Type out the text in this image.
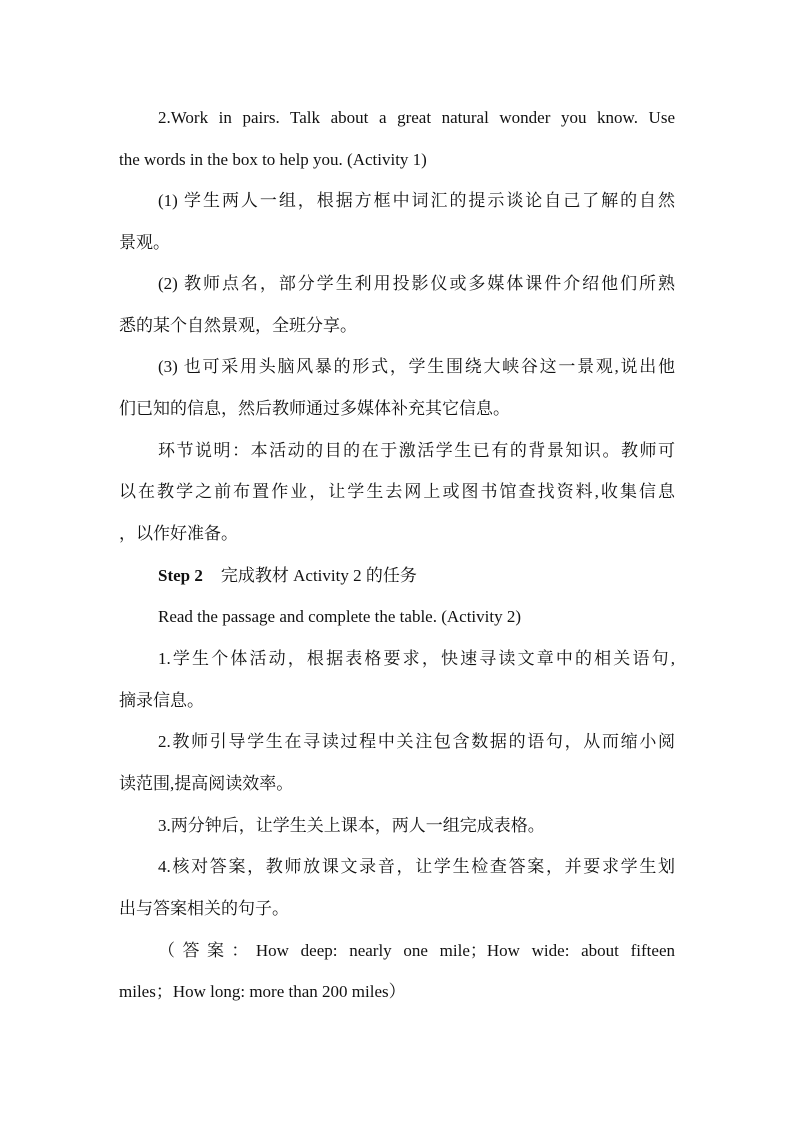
2.Work in pairs. Talk about a great natural wonder you know. Use
the words in the box to help you. (Activity 1)
(1) 学生两人一组，根据方框中词汇的提示谈论自己了解的自然
景观。
(2) 教师点名，部分学生利用投影仪或多媒体课件介绍他们所熟
悉的某个自然景观，全班分享。
(3) 也可采用头脑风暴的形式，学生围绕大峡谷这一景观,说出他
们已知的信息，然后教师通过多媒体补充其它信息。
环节说明：本活动的目的在于激活学生已有的背景知识。教师可
以在教学之前布置作业，让学生去网上或图书馆查找资料,收集信息
，以作好准备。
Step 2 完成教材 Activity 2 的任务
Read the passage and complete the table. (Activity 2)
1.学生个体活动，根据表格要求，快速寻读文章中的相关语句,
摘录信息。
2.教师引导学生在寻读过程中关注包含数据的语句，从而缩小阅
读范围,提高阅读效率。
3.两分钟后，让学生关上课本，两人一组完成表格。
4.核对答案，教师放课文录音，让学生检查答案，并要求学生划
出与答案相关的句子。
（答案：How deep: nearly one mile；How wide: about fifteen
miles；How long: more than 200 miles）
